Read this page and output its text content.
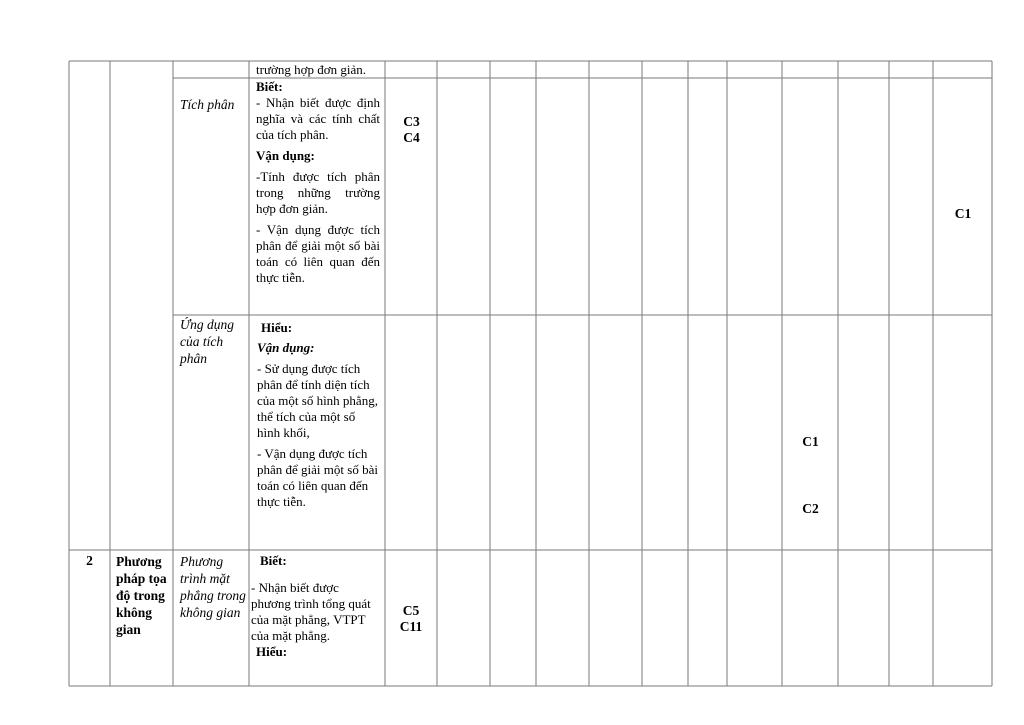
trường hợp đơn giản.

Tích phân

Biết:

- Nhận biết được định nghĩa và các tính chất của tích phân.

Vận dụng:

-Tính được tích phân trong những trường hợp đơn giản.

- Vận dụng được tích phân để giải một số bài toán có liên quan đến thực tiễn.

C3
C4
C1

Ứng dụng của tích phân

Hiểu:

Vận dụng:

- Sử dụng được tích phân để tính diện tích của một số hình phẳng, thể tích của một số hình khối,

- Vận dụng được tích phân để giải một số bài toán có liên quan đến thực tiễn.

C1
C2
2	Phương pháp tọa độ trong không gian

Phương trình mặt phẳng trong không gian

Biết:

- Nhận biết được phương trình tổng quát của mặt phẳng, VTPT của mặt phẳng.

Hiểu:

C5
C11
